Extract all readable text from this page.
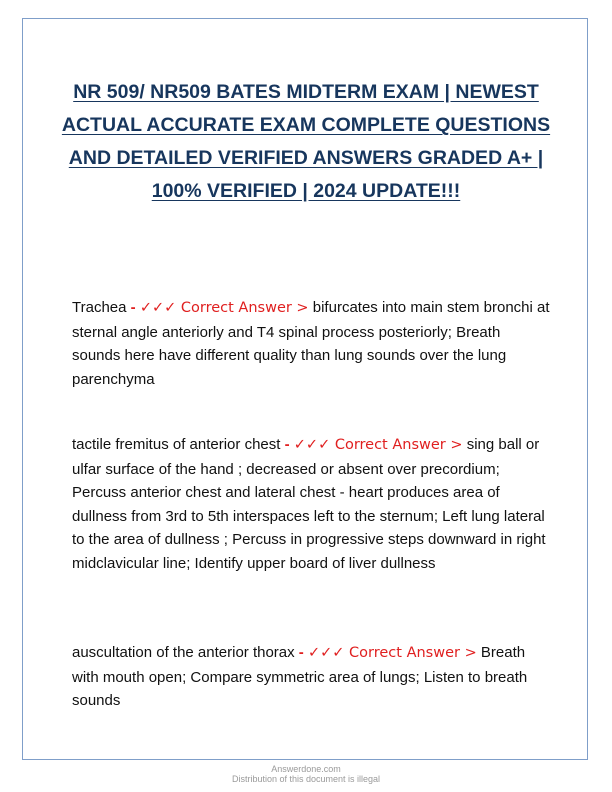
NR 509/ NR509 BATES MIDTERM EXAM | NEWEST ACTUAL ACCURATE EXAM COMPLETE QUESTIONS AND DETAILED VERIFIED ANSWERS GRADED A+ | 100% VERIFIED | 2024 UPDATE!!!

Trachea - ✓✓✓ Correct Answer > bifurcates into main stem bronchi at sternal angle anteriorly and T4 spinal process posteriorly; Breath sounds here have different quality than lung sounds over the lung parenchyma

tactile fremitus of anterior chest - ✓✓✓ Correct Answer > sing ball or ulfar surface of the hand ; decreased or absent over precordium; Percuss anterior chest and lateral chest - heart produces area of dullness from 3rd to 5th interspaces left to the sternum; Left lung lateral to the area of dullness ; Percuss in progressive steps downward in right midclavicular line; Identify upper board of liver dullness

auscultation of the anterior thorax - ✓✓✓ Correct Answer > Breath with mouth open; Compare symmetric area of lungs; Listen to breath sounds

Answerdone.com
Distribution of this document is illegal
